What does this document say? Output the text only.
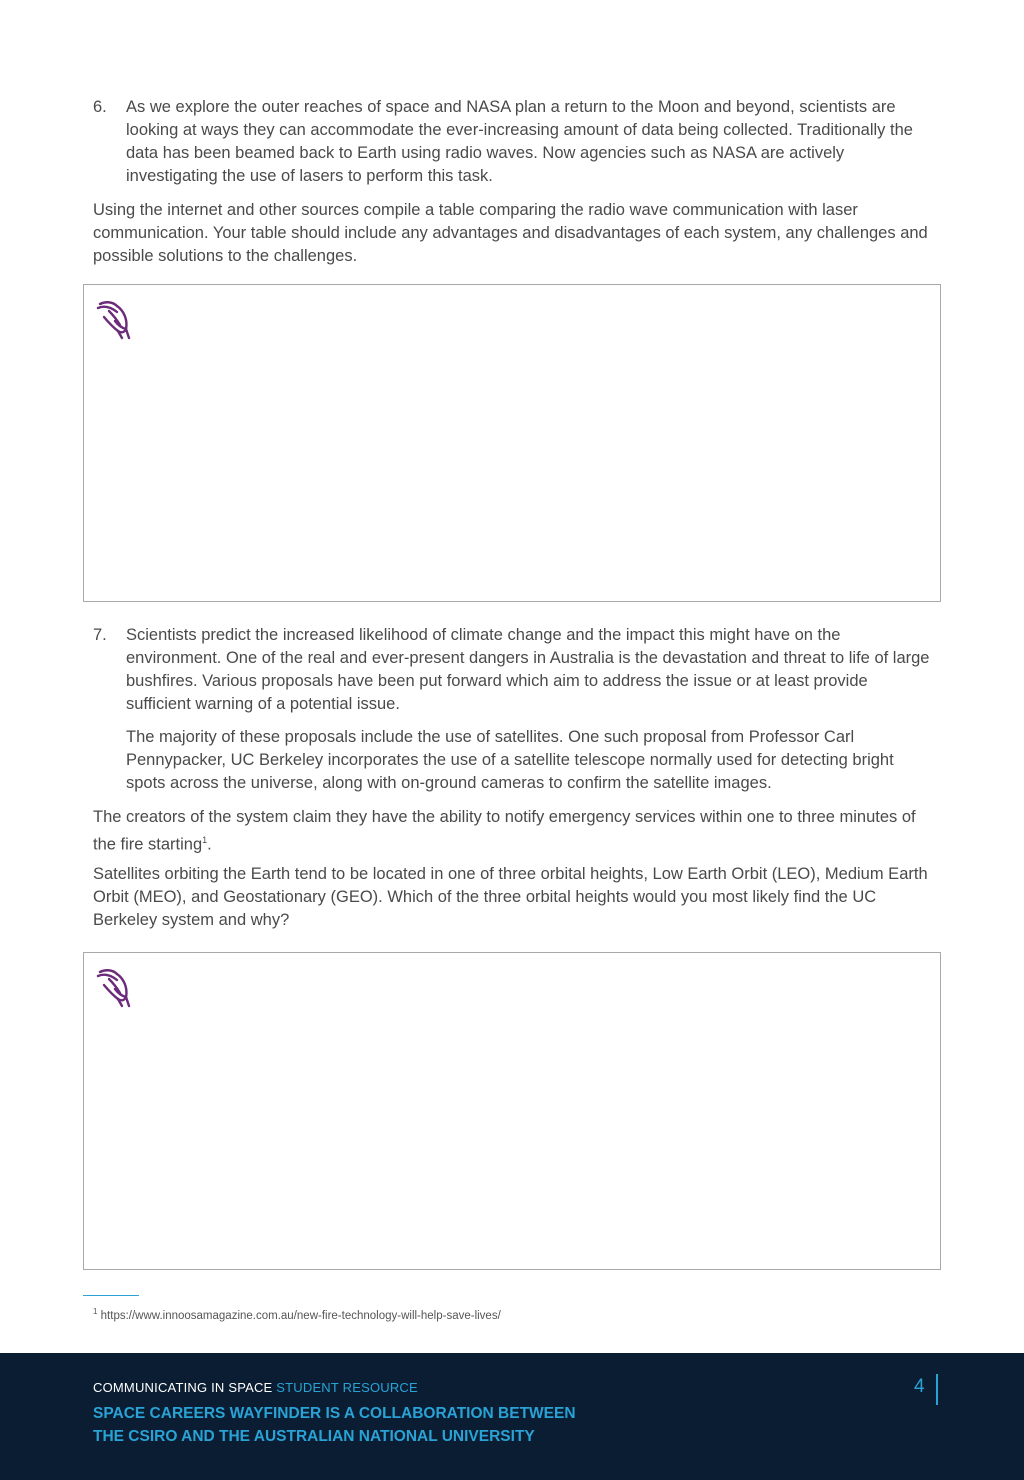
6. As we explore the outer reaches of space and NASA plan a return to the Moon and beyond, scientists are looking at ways they can accommodate the ever-increasing amount of data being collected. Traditionally the data has been beamed back to Earth using radio waves. Now agencies such as NASA are actively investigating the use of lasers to perform this task.

Using the internet and other sources compile a table comparing the radio wave communication with laser communication. Your table should include any advantages and disadvantages of each system, any challenges and possible solutions to the challenges.

7. Scientists predict the increased likelihood of climate change and the impact this might have on the environment. One of the real and ever-present dangers in Australia is the devastation and threat to life of large bushfires. Various proposals have been put forward which aim to address the issue or at least provide sufficient warning of a potential issue.

The majority of these proposals include the use of satellites. One such proposal from Professor Carl Pennypacker, UC Berkeley incorporates the use of a satellite telescope normally used for detecting bright spots across the universe, along with on-ground cameras to confirm the satellite images.

The creators of the system claim they have the ability to notify emergency services within one to three minutes of the fire starting$^1$.

Satellites orbiting the Earth tend to be located in one of three orbital heights, Low Earth Orbit (LEO), Medium Earth Orbit (MEO), and Geostationary (GEO). Which of the three orbital heights would you most likely find the UC Berkeley system and why?

$^1$ https://www.innoosamagazine.com.au/new-fire-technology-will-help-save-lives/
COMMUNICATING IN SPACE STUDENT RESOURCE
SPACE CAREERS WAYFINDER IS A COLLABORATION BETWEEN
THE CSIRO AND THE AUSTRALIAN NATIONAL UNIVERSITY
4
